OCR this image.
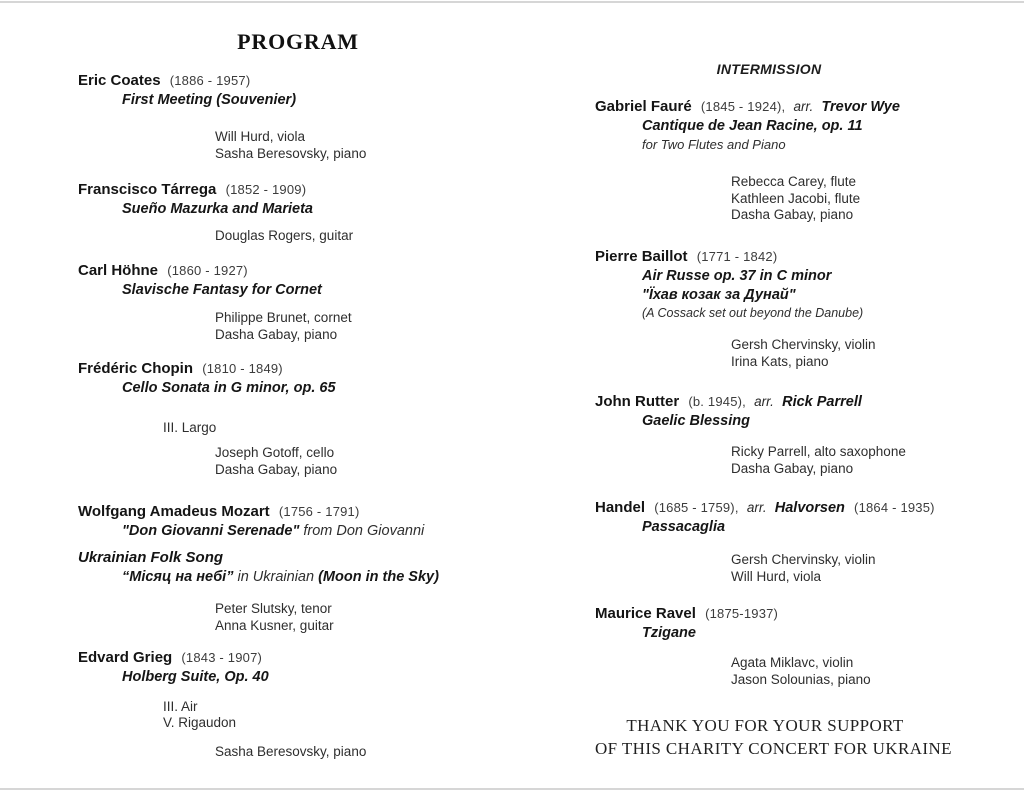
PROGRAM
Eric Coates (1886 - 1957)
First Meeting (Souvenier)
Will Hurd, viola
Sasha Beresovsky, piano
Franscisco Tárrega (1852 - 1909)
Sueño Mazurka and Marieta
Douglas Rogers, guitar
Carl Höhne (1860 - 1927)
Slavische Fantasy for Cornet
Philippe Brunet, cornet
Dasha Gabay, piano
Frédéric Chopin (1810 - 1849)
Cello Sonata in G minor, op. 65
III. Largo
Joseph Gotoff, cello
Dasha Gabay, piano
Wolfgang Amadeus Mozart (1756 - 1791)
"Don Giovanni Serenade" from Don Giovanni
Ukrainian Folk Song
“Місяц на небі” in Ukrainian (Moon in the Sky)
Peter Slutsky, tenor
Anna Kusner, guitar
Edvard Grieg (1843 - 1907)
Holberg Suite, Op. 40
III. Air
V. Rigaudon
Sasha Beresovsky, piano
INTERMISSION
Gabriel Fauré (1845 - 1924), arr. Trevor Wye
Cantique de Jean Racine, op. 11
for Two Flutes and Piano
Rebecca Carey, flute
Kathleen Jacobi, flute
Dasha Gabay, piano
Pierre Baillot (1771 - 1842)
Air Russe op. 37 in C minor
"Їхав козак за Дунай"
(A Cossack set out beyond the Danube)
Gersh Chervinsky, violin
Irina Kats, piano
John Rutter (b. 1945), arr. Rick Parrell
Gaelic Blessing
Ricky Parrell, alto saxophone
Dasha Gabay, piano
Handel (1685 - 1759), arr. Halvorsen (1864 - 1935)
Passacaglia
Gersh Chervinsky, violin
Will Hurd, viola
Maurice Ravel (1875-1937)
Tzigane
Agata Miklavc, violin
Jason Solounias, piano
THANK YOU FOR YOUR SUPPORT
OF THIS CHARITY CONCERT FOR UKRAINE
